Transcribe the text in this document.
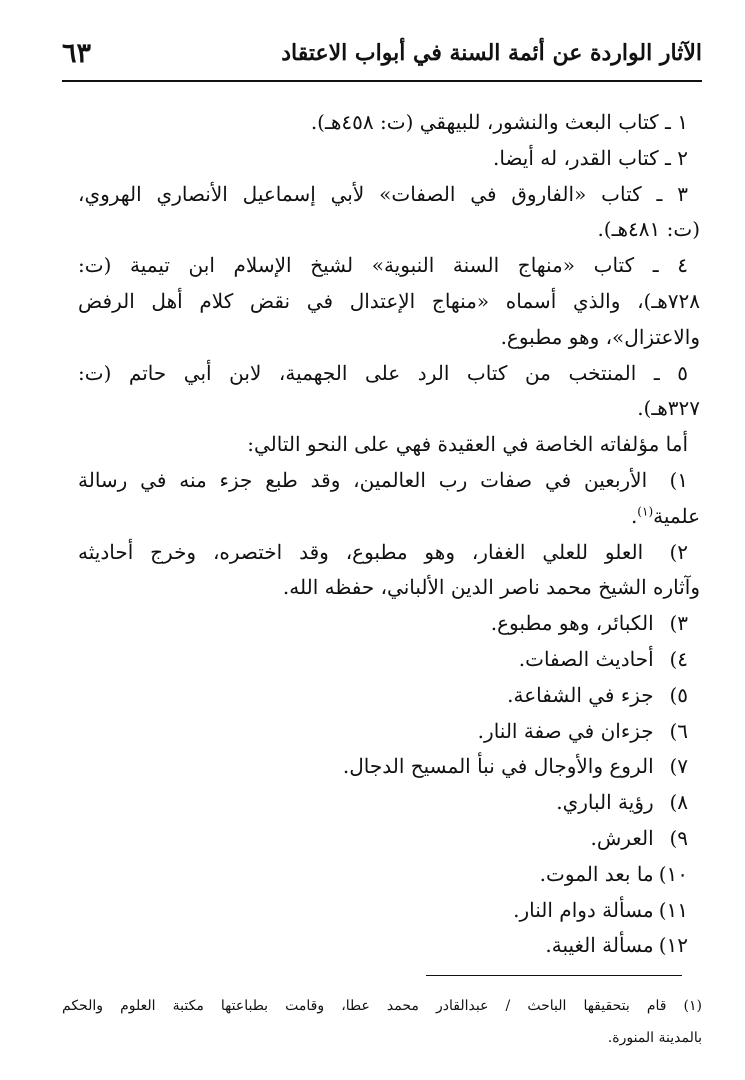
٦٣	الآثار الواردة عن أئمة السنة في أبواب الاعتقاد
١ ـ كتاب البعث والنشور، للبيهقي (ت: ٤٥٨هـ).
٢ ـ كتاب القدر، له أيضا.
٣ ـ كتاب «الفاروق في الصفات» لأبي إسماعيل الأنصاري الهروي،
(ت: ٤٨١هـ).
٤ ـ كتاب «منهاج السنة النبوية» لشيخ الإسلام ابن تيمية (ت:
٧٢٨هـ)، والذي أسماه «منهاج الإعتدال في نقض كلام أهل الرفض
والاعتزال»، وهو مطبوع.
٥ ـ المنتخب من كتاب الرد على الجهمية، لابن أبي حاتم (ت:
٣٢٧هـ).
أما مؤلفاته الخاصة في العقيدة فهي على النحو التالي:
١) الأربعين في صفات رب العالمين، وقد طبع جزء منه في رسالة
علمية$^{(١)}$.
٢) العلو للعلي الغفار، وهو مطبوع، وقد اختصره، وخرج أحاديثه
وآثاره الشيخ محمد ناصر الدين الألباني، حفظه الله.
٣) الكبائر، وهو مطبوع.
٤) أحاديث الصفات.
٥) جزء في الشفاعة.
٦) جزءان في صفة النار.
٧) الروع والأوجال في نبأ المسيح الدجال.
٨) رؤية الباري.
٩) العرش.
١٠) ما بعد الموت.
١١) مسألة دوام النار.
١٢) مسألة الغيبة.
(١) قام بتحقيقها الباحث / عبدالقادر محمد عطا، وقامت بطباعتها مكتبة العلوم والحكم
بالمدينة المنورة.
